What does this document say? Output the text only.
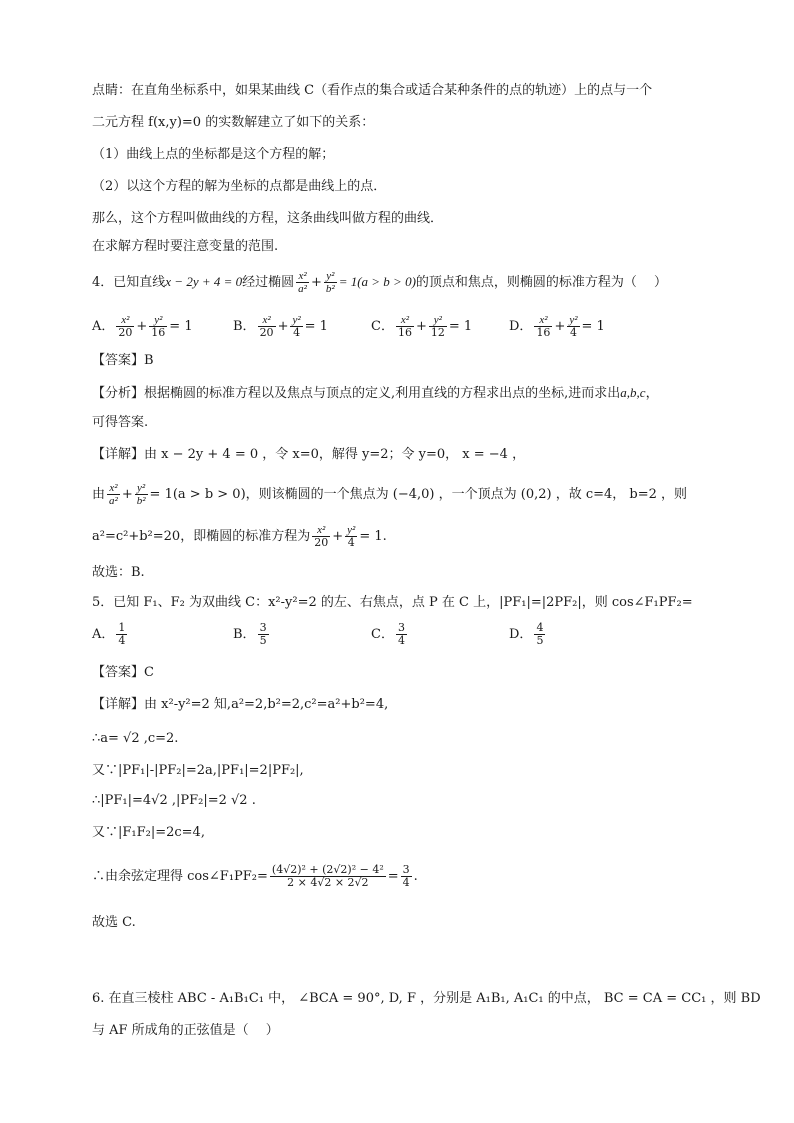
点睛：在直角坐标系中，如果某曲线 C（看作点的集合或适合某种条件的点的轨迹）上的点与一个
二元方程 f(x,y)=0 的实数解建立了如下的关系：
（1）曲线上点的坐标都是这个方程的解；
（2）以这个方程的解为坐标的点都是曲线上的点．
那么，这个方程叫做曲线的方程，这条曲线叫做方程的曲线．
在求解方程时要注意变量的范围.
4．已知直线x − 2y + 4 = 0经过椭圆 $\frac{\text{x²}}{\text{a²}} + \frac{\text{y²}}{\text{b²}} = 1(a > b > 0)$的顶点和焦点，则椭圆的标准方程为（　 ）
A． $\frac{\text{x²}}{20} + \frac{\text{y²}}{16} = 1$	B． $\frac{\text{x²}}{20} + \frac{\text{y²}}{4} = 1$	C． $\frac{\text{x²}}{16} + \frac{\text{y²}}{12} = 1$	D． $\frac{\text{x²}}{16} + \frac{\text{y²}}{4} = 1$
【答案】B
【分析】根据椭圆的标准方程以及焦点与顶点的定义,利用直线的方程求出点的坐标,进而求出a,b,c，
可得答案.
【详解】由 x − 2y + 4 = 0 ，令 x=0，解得 y=2；令 y=0， x = −4 ，
由 $\frac{\text{x²}}{\text{a²}} + \frac{\text{y²}}{\text{b²}} = 1(a > b > 0)$，则该椭圆的一个焦点为 (−4,0) ，一个顶点为 (0,2) ，故 c=4， b=2 ，则
a²=c²+b²=20，即椭圆的标准方程为 $\frac{\text{x²}}{20} + \frac{\text{y²}}{4} = 1$.
故选：B.
5．已知 F₁、F₂ 为双曲线 C：x²-y²=2 的左、右焦点，点 P 在 C 上，|PF₁|=|2PF₂|，则 cos∠F₁PF₂=
A． $\frac{1}{4}$	B． $\frac{3}{5}$	C． $\frac{3}{4}$	D． $\frac{4}{5}$
【答案】C
【详解】由 x²-y²=2 知,a²=2,b²=2,c²=a²+b²=4,
∴a= √2 ,c=2.
又∵|PF₁|-|PF₂|=2a,|PF₁|=2|PF₂|,
∴|PF₁|=4√2 ,|PF₂|=2 √2 .
又∵|F₁F₂|=2c=4,
∴由余弦定理得 cos∠F₁PF₂= $\frac{\text{(4√2)² + (2√2)² − 4²}}{2 \times 4√2 \times 2√2} = \frac{3}{4}$ .
故选 C.
6. 在直三棱柱 ABC - A₁B₁C₁ 中， ∠BCA = 90°, D, F ，分别是 A₁B₁, A₁C₁ 的中点， BC = CA = CC₁ ，则 BD
与 AF 所成角的正弦值是（　 ）
